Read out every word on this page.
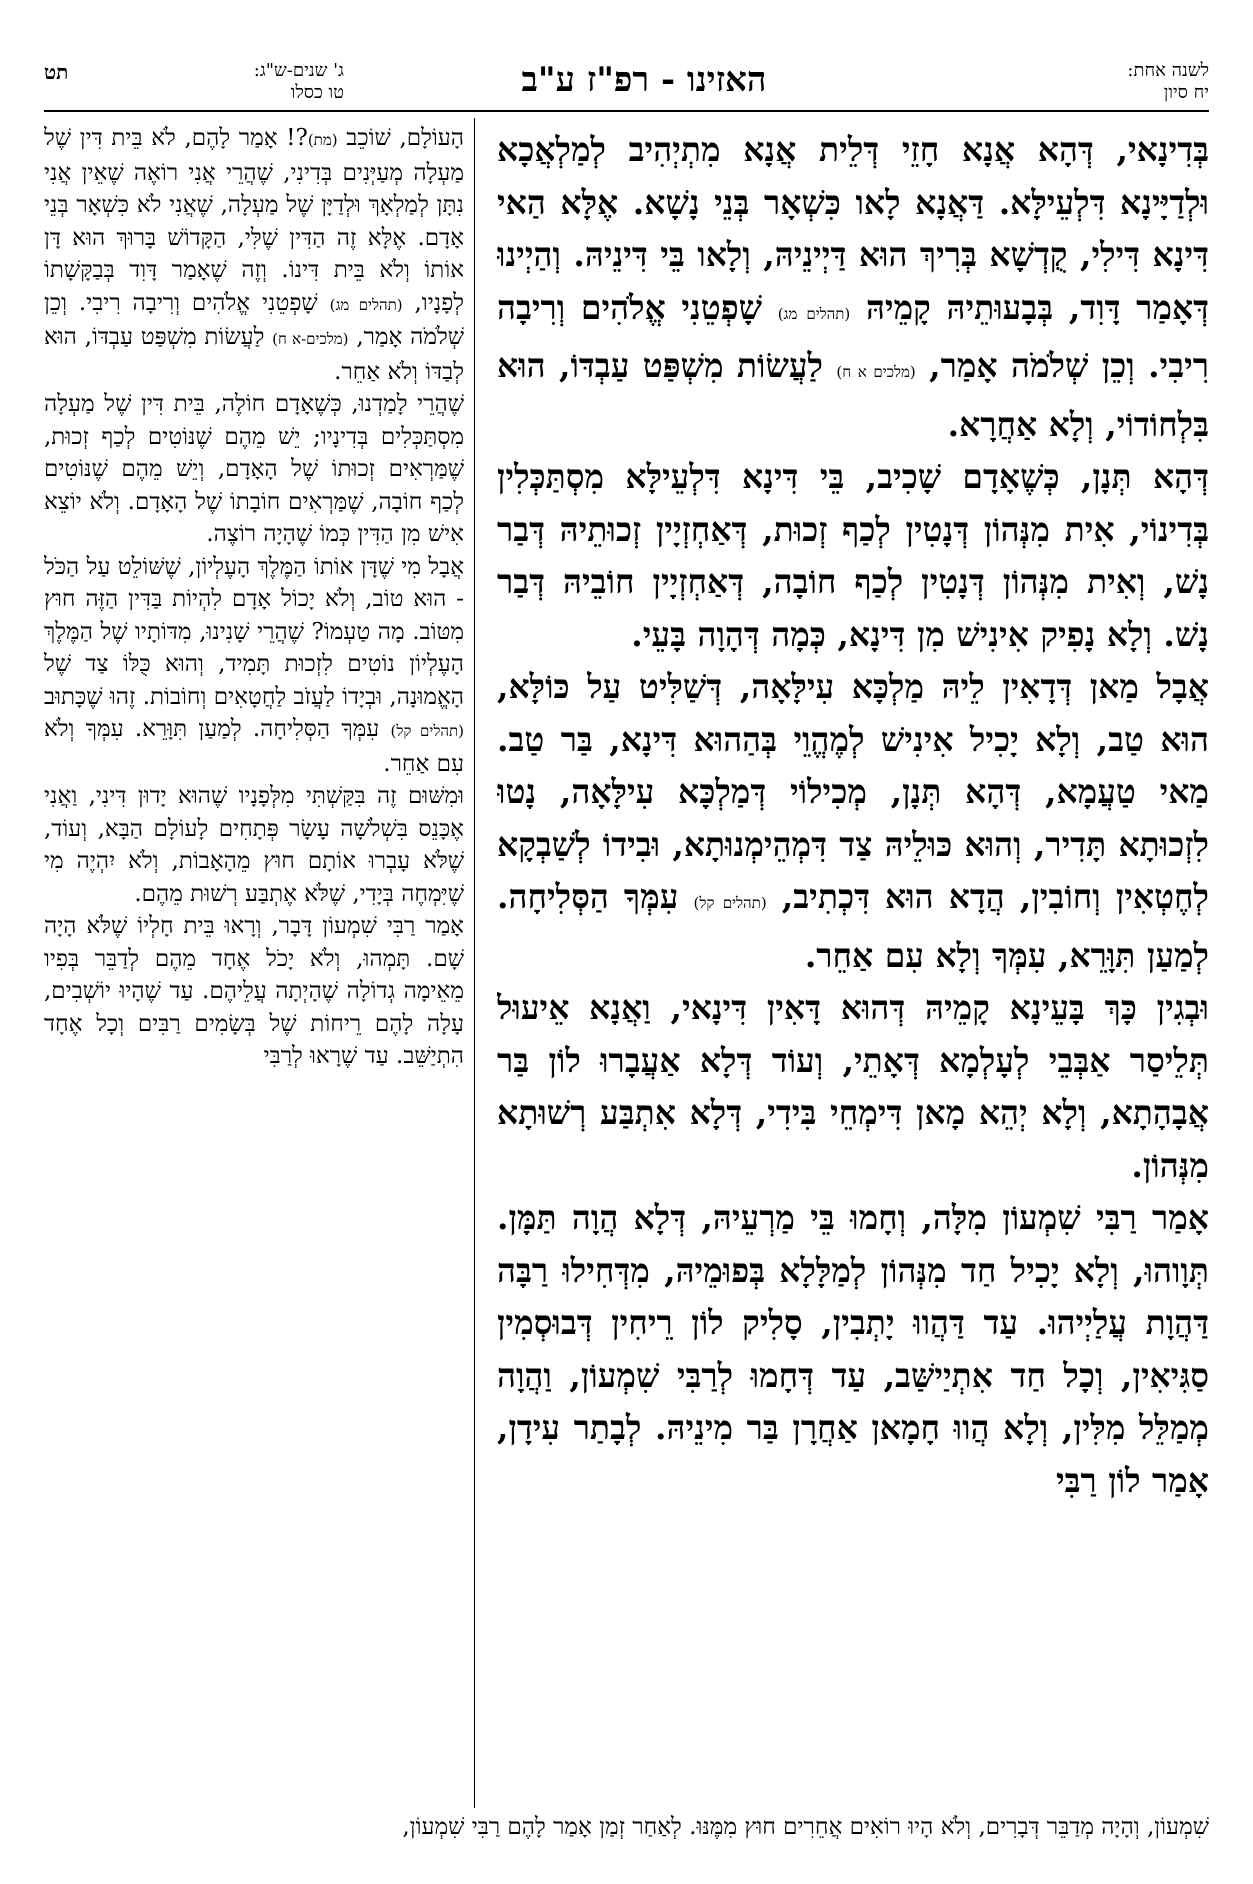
לשנה אחת:
יח סיון
האזינו - רפ"ז ע"ב
ג' שנים-ש"ג:
טו כסלו
תט

בְּדִינָאי, דְּהָא אֲנָא חָזֵי דְּלֵית אֲנָא מִתְיְהִיב לְמַלְאֲכָא וּלְדַיָּינָא דִּלְעֵילָּא. דַּאֲנָא לָאו כִּשְׁאָר בְּנֵי נָשָׁא. אֶלָּא הַאי דִּינָא דִּילִי, קֻדְשָׁא בְּרִיךְ הוּא דַּיְינֵיהּ, וְלָאו בֵּי דִּינֵיהּ. וְהַיְינוּ דְּאָמַר דָּוִד, בְּבָעוּתֵיהּ קָמֵיהּ (תהלים מג) שָׁפְטֵנִי אֱלֹהִים וְרִיבָה רִיבִי. וְכֵן שְׁלֹמֹה אָמַר, (מלכים א ח) לַעֲשׂוֹת מִשְׁפַּט עַבְדּוֹ, הוּא בִּלְחוֹדוֹי, וְלָא אַחֲרָא.

דְּהָא תְּנָן, כְּשֶׁאָדָם שָׁכִיב, בֵּי דִּינָא דִּלְעֵילָּא מִסְתַּכְּלִין בְּדִינוֹי, אִית מִנְּהוֹן דְּנָטִין לְכַף זְכוּת, דְּאַחְזְיָין זְכוּתֵיהּ דְּבַר נָשׁ, וְאִית מִנְּהוֹן דְּנָטִין לְכַף חוֹבָה, דְּאַחְזְיָין חוֹבֵיהּ דְּבַר נָשׁ. וְלָא נָפִיק אִינִישׁ מִן דִּינָא, כְּמָה דְּהָוָה בָּעֵי.

אֲבָל מַאן דְּדָאִין לֵיהּ מַלְכָּא עִילָּאָה, דְּשַׁלִּיט עַל כּוֹלָּא, הוּא טַב, וְלָא יָכִיל אִינִישׁ לְמֶהֱוֵי בְּהַהוּא דִּינָא, בַּר טַב. מַאי טַעֲמָא, דְּהָא תְּנָן, מְכִילוֹי דְּמַלְכָּא עִילָּאָה, נָטוּ לִזְכוּתָא תָּדִיר, וְהוּא כּוּלֵיהּ צַד דִּמְהֵימְנוּתָא, וּבִידוֹ לְשַׁבְקָא לְחֶטְאִין וְחוֹבִין, הֲדָא הוּא דִּכְתִיב, (תהלים קל) עִמְּךָ הַסְּלִיחָה. לְמַעַן תִּוָּרֵא, עִמְּךָ וְלָא עִם אַחֵר.

וּבְגִין כָּךְ בָּעֵינָא קָמֵיהּ דְּהוּא דָּאִין דִּינָאי, וַאֲנָא אֵיעוּל תְּלֵיסַר אַבְּבֵי לְעָלְמָא דְּאָתֵי, וְעוֹד דְּלָא אַעֲבָרוּ לוֹן בַּר אֲבָהָתָא, וְלָא יְהֵא מָאן דִּימְחֵי בִּידִי, דְּלָא אִתְבַּע רְשׁוּתָא מִנְּהוֹן.

אָמַר רַבִּי שִׁמְעוֹן מִלָּה, וְחָמוּ בֵּי מַרְעֵיהּ, דְּלָא הֲוָה תַּמָּן. תְּוָוהוּ, וְלָא יָכִיל חַד מִנְּהוֹן לְמַלָּלָא בְּפוּמֵיהּ, מִדְּחִילוּ רַבָּה דַּהֲוָת עֲלַיְיהוּ. עַד דַּהֲווּ יָתְבִין, סָלִיק לוֹן רֵיחִין דְּבוּסְמִין סַגִּיאִין, וְכָל חַד אִתְיַישַּׁב, עַד דְּחָמוּ לְרַבִּי שִׁמְעוֹן, וַהֲוָה מְמַלֵּל מִלִּין, וְלָא הֲווּ חָמָאן אַחֲרָן בַּר מִינֵיהּ. לְבָתַר עִידָן, אָמַר לוֹן רַבִּי

הָעוֹלָם, שׁוֹכֵב (מת)?! אָמַר לָהֶם, לֹא בֵּית דִּין שֶׁל מַעְלָה מְעַיְּנִים בְּדִינִי, שֶׁהֲרֵי אֲנִי רוֹאֶה שֶׁאֵין אֲנִי נִתָּן לְמַלְאָךְ וּלְדַיָּן שֶׁל מַעְלָה, שֶׁאֲנִי לֹא כִּשְׁאָר בְּנֵי אָדָם. אֶלָּא זֶה הַדִּין שֶׁלִּי, הַקָּדוֹשׁ בָּרוּךְ הוּא דָּן אוֹתוֹ וְלֹא בֵּית דִּינוֹ. וְזֶה שֶׁאָמַר דָּוִד בְּבַקָּשָׁתוֹ לְפָנָיו, (תהלים מג) שָׁפְטֵנִי אֱלֹהִים וְרִיבָה רִיבִי. וְכֵן שְׁלֹמֹה אָמַר, (מלכים-א ח) לַעֲשׂוֹת מִשְׁפַּט עַבְדּוֹ, הוּא לְבַדּוֹ וְלֹא אַחֵר.

שֶׁהֲרֵי לָמַדְנוּ, כְּשֶׁאָדָם חוֹלֶה, בֵּית דִּין שֶׁל מַעְלָה מִסְתַּכְּלִים בְּדִינָיו; יֵשׁ מֵהֶם שֶׁנּוֹטִים לְכַף זְכוּת, שֶׁמַּרְאִים זְכוּתוֹ שֶׁל הָאָדָם, וְיֵשׁ מֵהֶם שֶׁנּוֹטִים לְכַף חוֹבָה, שֶׁמַּרְאִים חוֹבָתוֹ שֶׁל הָאָדָם. וְלֹא יוֹצֵא אִישׁ מִן הַדִּין כְּמוֹ שֶׁהָיָה רוֹצֶה.

אֲבָל מִי שֶׁדָּן אוֹתוֹ הַמֶּלֶךְ הָעֶלְיוֹן, שֶׁשּׁוֹלֵט עַל הַכֹּל - הוּא טוֹב, וְלֹא יָכוֹל אָדָם לִהְיוֹת בַּדִּין הַזֶּה חוּץ מִטּוֹב. מָה טַעְמוֹ? שֶׁהֲרֵי שָׁנִינוּ, מִדּוֹתָיו שֶׁל הַמֶּלֶךְ הָעֶלְיוֹן נוֹטִים לִזְכוּת תָּמִיד, וְהוּא כֻּלּוֹ צַד שֶׁל הָאֱמוּנָה, וּבְיָדוֹ לַעֲזֹב לַחֲטָאִים וְחוֹבוֹת. זֶהוּ שֶׁכָּתוּב (תהלים קל) עִמְּךָ הַסְּלִיחָה. לְמַעַן תִּוָּרֵא. עִמְּךָ וְלֹא עִם אַחֵר.

וּמִשּׁוּם זֶה בִּקַּשְׁתִּי מִלְּפָנָיו שֶׁהוּא יָדוּן דִּינִי, וַאֲנִי אֶכָּנֵס בִּשְׁלֹשָׁה עָשָׂר פְּתָחִים לָעוֹלָם הַבָּא, וְעוֹד, שֶׁלֹּא עָבְרוּ אוֹתָם חוּץ מֵהָאָבוֹת, וְלֹא יִהְיֶה מִי שֶׁיִּמְחֶה בְּיָדִי, שֶׁלֹּא אֶתְבַּע רְשׁוּת מֵהֶם.

אָמַר רַבִּי שִׁמְעוֹן דָּבָר, וְרָאוּ בֵּית חָלְיוֹ שֶׁלֹּא הָיָה שָׁם. תָּמְהוּ, וְלֹא יָכֹל אֶחָד מֵהֶם לְדַבֵּר בְּפִיו מֵאֵימָה גְדוֹלָה שֶׁהָיְתָה עֲלֵיהֶם. עַד שֶׁהָיוּ יוֹשְׁבִים, עָלָה לָהֶם רֵיחוֹת שֶׁל בְּשָׂמִים רַבִּים וְכָל אֶחָד הִתְיַשֵּׁב. עַד שֶׁרָאוּ לְרַבִּי

שִׁמְעוֹן, וְהָיָה מְדַבֵּר דְּבָרִים, וְלֹא הָיוּ רוֹאִים אֲחֵרִים חוּץ מִמֶּנּוּ. לְאַחַר זְמַן אָמַר לָהֶם רַבִּי שִׁמְעוֹן,
